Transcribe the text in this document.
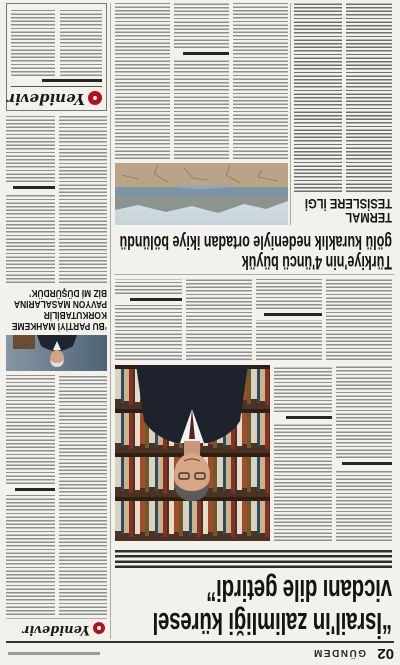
02
GÜNDEM
“İsrail'in zalimliği küresel
vicdanı dile getirdi”
Türkiye'nin 4'üncü büyük
gölü kuraklık nedeniyle ortadan ikiye bölündü
TERMAL
TESİSLERE İLGİ
Yenidevir
‘BU PARTİYİ MAHKEME
KORKUTABİLİR
PAVYON MASALARINA
BİZ Mİ DÜŞÜRDÜK’
Yenidevir
